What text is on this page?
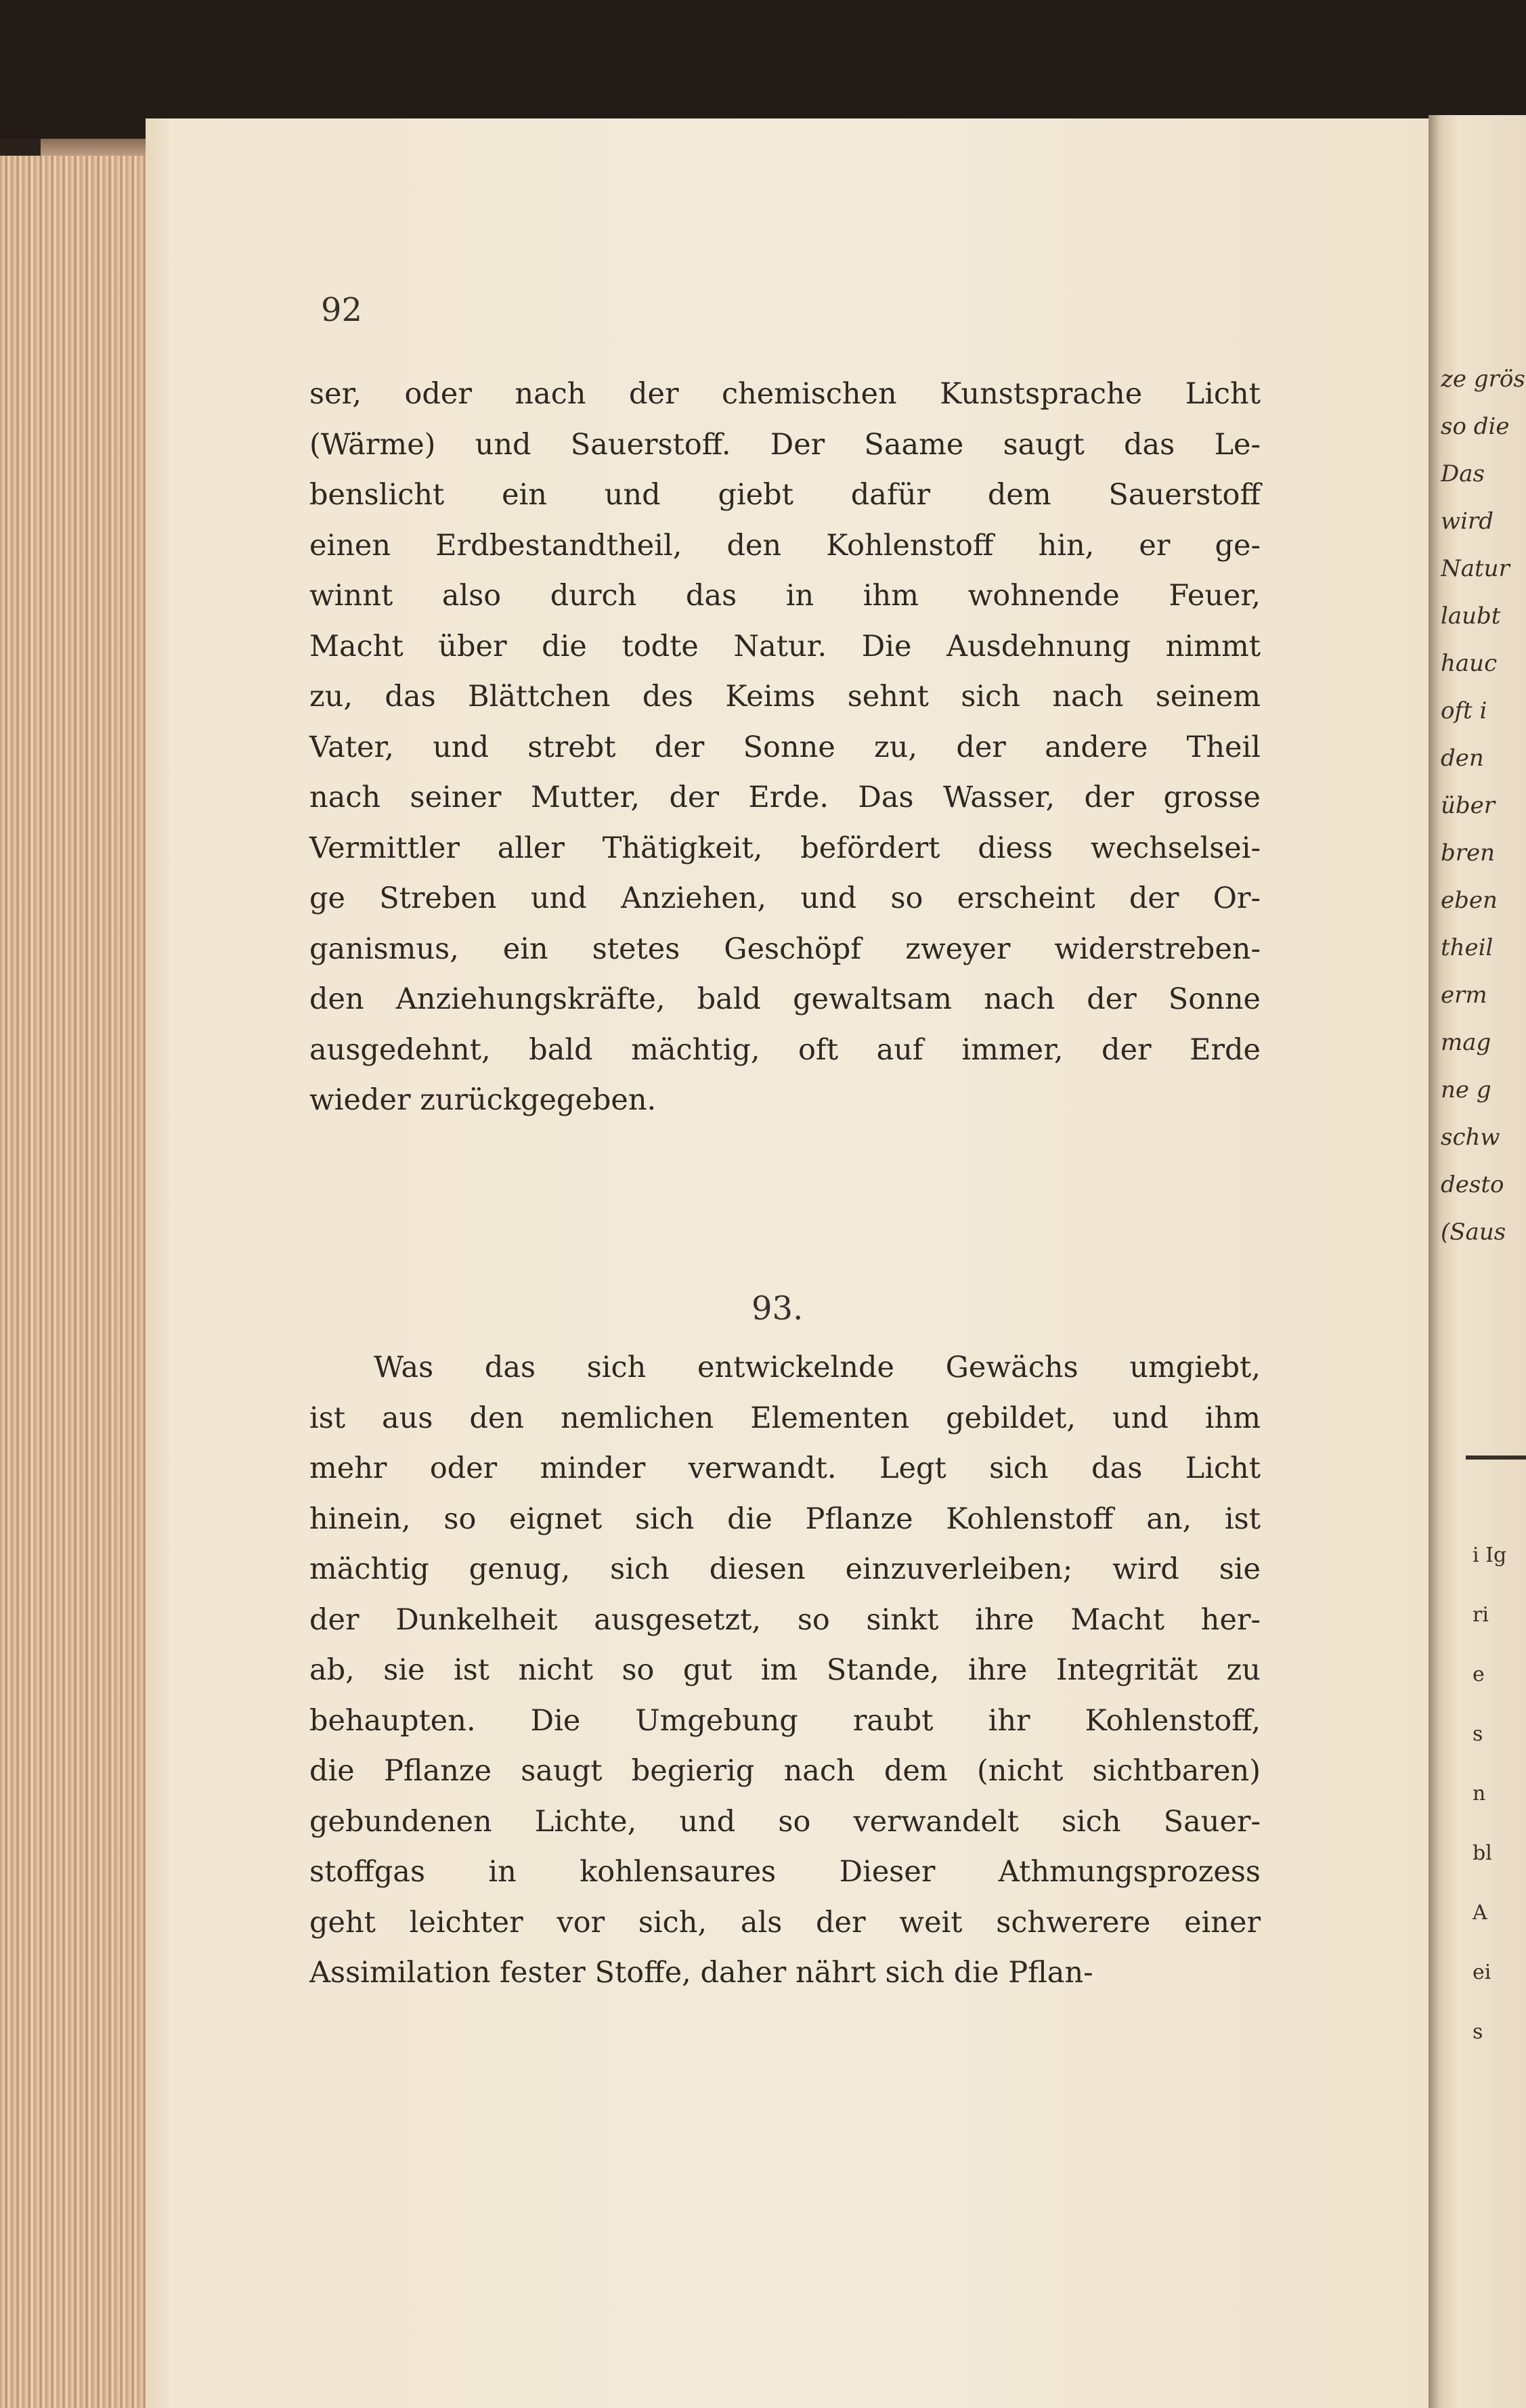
ze grös
so die
Das
wird
Natur
laubt
hauc
oft i
den
über
bren
eben
theil
erm
mag
ne g
schw
desto
(Saus
i Ig
ri
e
s
n
bl
A
ei
s
92
ser, oder nach der chemischen Kunstsprache Licht
(Wärme) und Sauerstoff. Der Saame saugt das Le-
benslicht ein und giebt dafür dem Sauerstoff
einen Erdbestandtheil, den Kohlenstoff hin, er ge-
winnt also durch das in ihm wohnende Feuer,
Macht über die todte Natur. Die Ausdehnung nimmt
zu, das Blättchen des Keims sehnt sich nach seinem
Vater, und strebt der Sonne zu, der andere Theil
nach seiner Mutter, der Erde. Das Wasser, der grosse
Vermittler aller Thätigkeit, befördert diess wechselsei-
ge Streben und Anziehen, und so erscheint der Or-
ganismus, ein stetes Geschöpf zweyer widerstreben-
den Anziehungskräfte, bald gewaltsam nach der Sonne
ausgedehnt, bald mächtig, oft auf immer, der Erde
wieder zurückgegeben.
93.
Was das sich entwickelnde Gewächs umgiebt,
ist aus den nemlichen Elementen gebildet, und ihm
mehr oder minder verwandt. Legt sich das Licht
hinein, so eignet sich die Pflanze Kohlenstoff an, ist
mächtig genug, sich diesen einzuverleiben; wird sie
der Dunkelheit ausgesetzt, so sinkt ihre Macht her-
ab, sie ist nicht so gut im Stande, ihre Integrität zu
behaupten. Die Umgebung raubt ihr Kohlenstoff,
die Pflanze saugt begierig nach dem (nicht sichtbaren)
gebundenen Lichte, und so verwandelt sich Sauer-
stoffgas in kohlensaures Dieser Athmungsprozess
geht leichter vor sich, als der weit schwerere einer
Assimilation fester Stoffe, daher nährt sich die Pflan-
